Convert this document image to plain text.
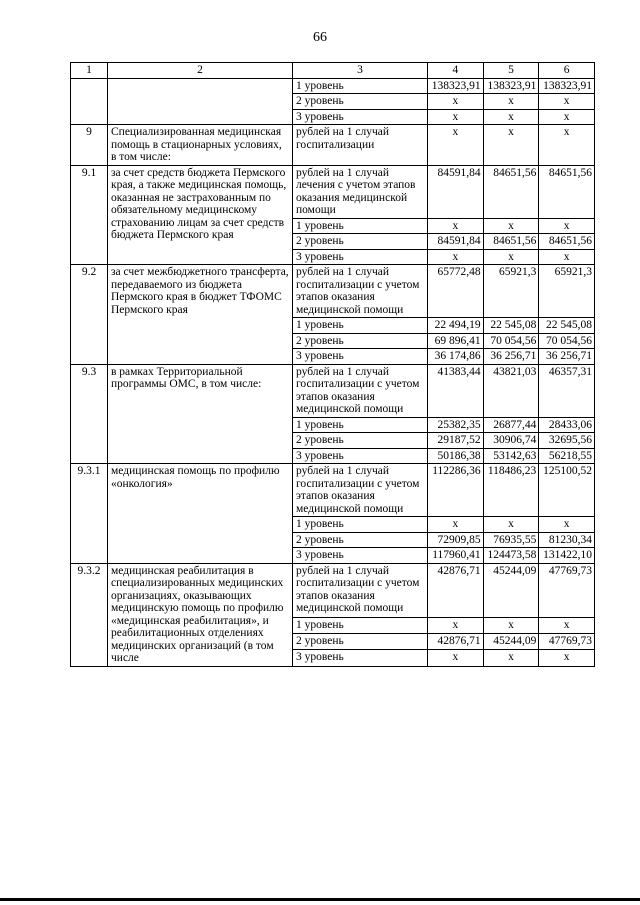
66
1	2	3	4	5	6
		1 уровень	138323,91	138323,91	138323,91
		2 уровень	x	x	x
		3 уровень	x	x	x
9	Специализированная медицинская помощь в стационарных условиях, в том числе:	рублей на 1 случай госпитализации	x	x	x
9.1	за счет средств бюджета Пермского края, а также медицинская помощь, оказанная не застрахованным по обязательному медицинскому страхованию лицам за счет средств бюджета Пермского края	рублей на 1 случай лечения с учетом этапов оказания медицинской помощи	84591,84	84651,56	84651,56
		1 уровень	x	x	x
		2 уровень	84591,84	84651,56	84651,56
		3 уровень	x	x	x
9.2	за счет межбюджетного трансферта, передаваемого из бюджета Пермского края в бюджет ТФОМС Пермского края	рублей на 1 случай госпитализации с учетом этапов оказания медицинской помощи	65772,48	65921,3	65921,3
		1 уровень	22 494,19	22 545,08	22 545,08
		2 уровень	69 896,41	70 054,56	70 054,56
		3 уровень	36 174,86	36 256,71	36 256,71
9.3	в рамках Территориальной программы ОМС, в том числе:	рублей на 1 случай госпитализации с учетом этапов оказания медицинской помощи	41383,44	43821,03	46357,31
		1 уровень	25382,35	26877,44	28433,06
		2 уровень	29187,52	30906,74	32695,56
		3 уровень	50186,38	53142,63	56218,55
9.3.1	медицинская помощь по профилю «онкология»	рублей на 1 случай госпитализации с учетом этапов оказания медицинской помощи	112286,36	118486,23	125100,52
		1 уровень	x	x	x
		2 уровень	72909,85	76935,55	81230,34
		3 уровень	117960,41	124473,58	131422,10
9.3.2	медицинская реабилитация в специализированных медицинских организациях, оказывающих медицинскую помощь по профилю «медицинская реабилитация», и реабилитационных отделениях медицинских организаций (в том числе	рублей на 1 случай госпитализации с учетом этапов оказания медицинской помощи	42876,71	45244,09	47769,73
		1 уровень	x	x	x
		2 уровень	42876,71	45244,09	47769,73
		3 уровень	x	x	x
